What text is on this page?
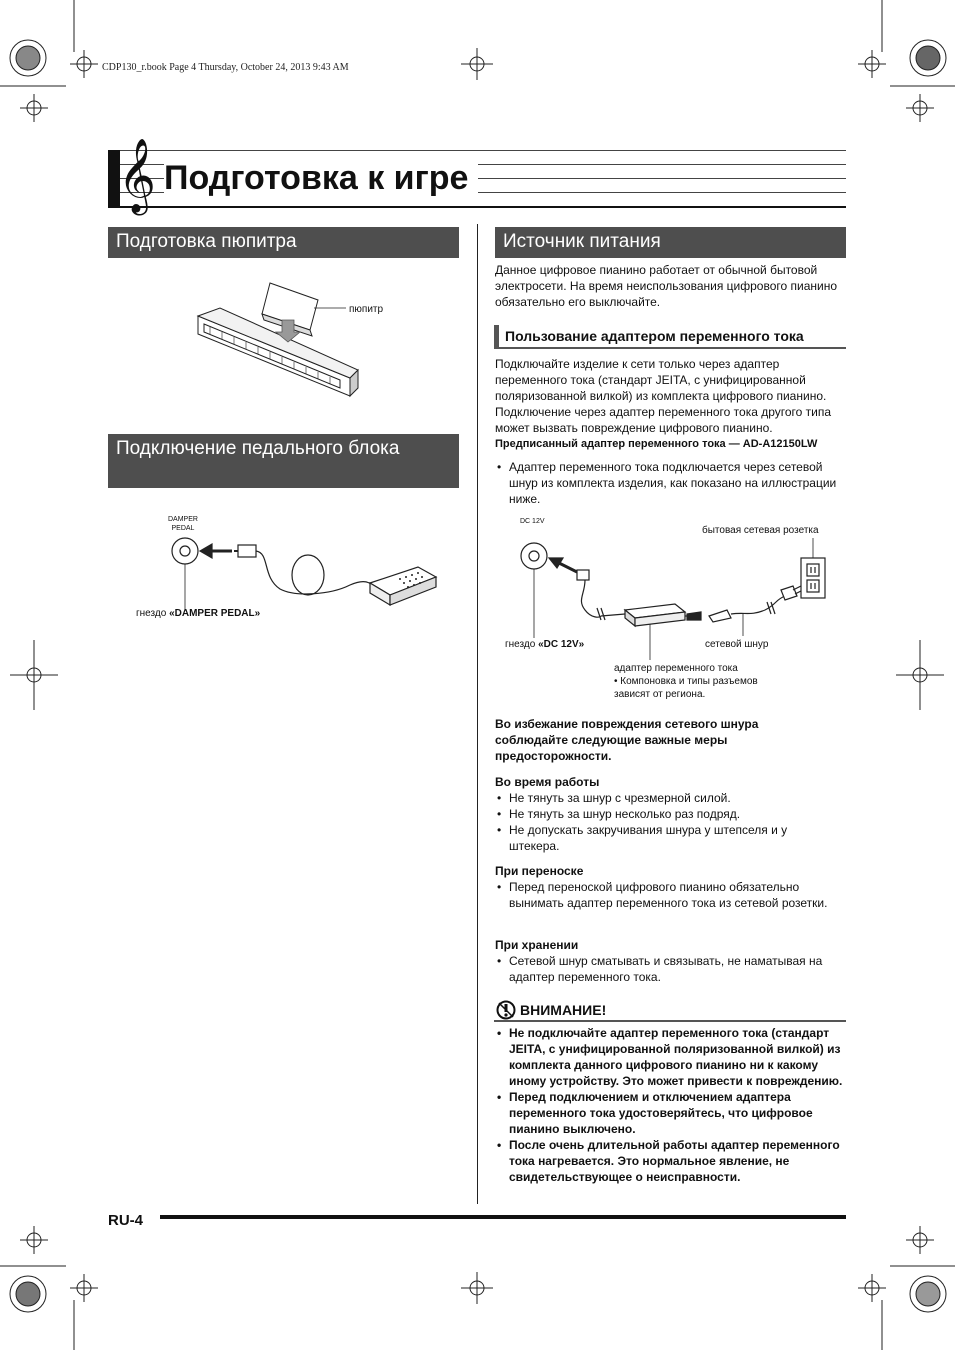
CDP130_r.book Page 4 Thursday, October 24, 2013 9:43 AM
𝄞 Подготовка к игре
Подготовка пюпитра
пюпитр
Подключение педального блока
DAMPER
PEDAL
гнездо «DAMPER PEDAL»
Источник питания
Данное цифровое пианино работает от обычной бытовой электросети. На время неиспользования цифрового пианино обязательно его выключайте.
Пользование адаптером переменного тока
Подключайте изделие к сети только через адаптер переменного тока (стандарт JEITA, с унифицированной поляризованной вилкой) из комплекта цифрового пианино. Подключение через адаптер переменного тока другого типа может вызвать повреждение цифрового пианино.
Предписанный адаптер переменного тока — AD-A12150LW
• Адаптер переменного тока подключается через сетевой шнур из комплекта изделия, как показано на иллюстрации ниже.
DC 12V
бытовая сетевая розетка
гнездо «DC 12V»	сетевой шнур
адаптер переменного тока
• Компоновка и типы разъемов
зависят от региона.
Во избежание повреждения сетевого шнура соблюдайте следующие важные меры предосторожности.
Во время работы
• Не тянуть за шнур с чрезмерной силой.
• Не тянуть за шнур несколько раз подряд.
• Не допускать закручивания шнура у штепселя и у штекера.
При переноске
• Перед переноской цифрового пианино обязательно вынимать адаптер переменного тока из сетевой розетки.
При хранении
• Сетевой шнур сматывать и связывать, не наматывая на адаптер переменного тока.
ВНИМАНИЕ!
• Не подключайте адаптер переменного тока (стандарт JEITA, с унифицированной поляризованной вилкой) из комплекта данного цифрового пианино ни к какому иному устройству. Это может привести к повреждению.
• Перед подключением и отключением адаптера переменного тока удостоверяйтесь, что цифровое пианино выключено.
• После очень длительной работы адаптер переменного тока нагревается. Это нормальное явление, не свидетельствующее о неисправности.
RU-4
